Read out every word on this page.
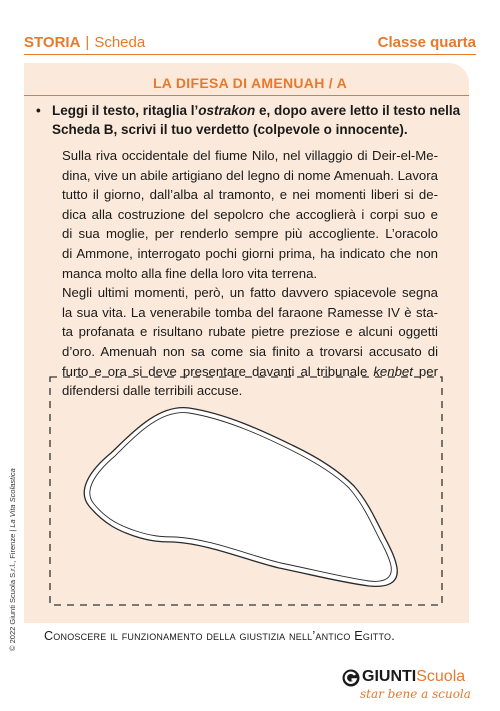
STORIA | Scheda	Classe quarta
LA DIFESA DI AMENUAH / A
• Leggi il testo, ritaglia l’ostrakon e, dopo avere letto il testo nella
Scheda B, scrivi il tuo verdetto (colpevole o innocente).
Sulla riva occidentale del fiume Nilo, nel villaggio di Deir-el-Me-
dina, vive un abile artigiano del legno di nome Amenuah. Lavora
tutto il giorno, dall’alba al tramonto, e nei momenti liberi si de-
dica alla costruzione del sepolcro che accoglierà i corpi suo e
di sua moglie, per renderlo sempre più accogliente. L’oracolo
di Ammone, interrogato pochi giorni prima, ha indicato che non
manca molto alla fine della loro vita terrena.
Negli ultimi momenti, però, un fatto davvero spiacevole segna
la sua vita. La venerabile tomba del faraone Ramesse IV è sta-
ta profanata e risultano rubate pietre preziose e alcuni oggetti
d’oro. Amenuah non sa come sia finito a trovarsi accusato di
furto e ora si deve presentare davanti al tribunale kenbet per
difendersi dalle terribili accuse.
Conoscere il funzionamento della giustizia nell’antico Egitto.
© 2022 Giunti Scuola S.r.l., Firenze | La Vita Scolastica
GIUNTIScuola
star bene a scuola
